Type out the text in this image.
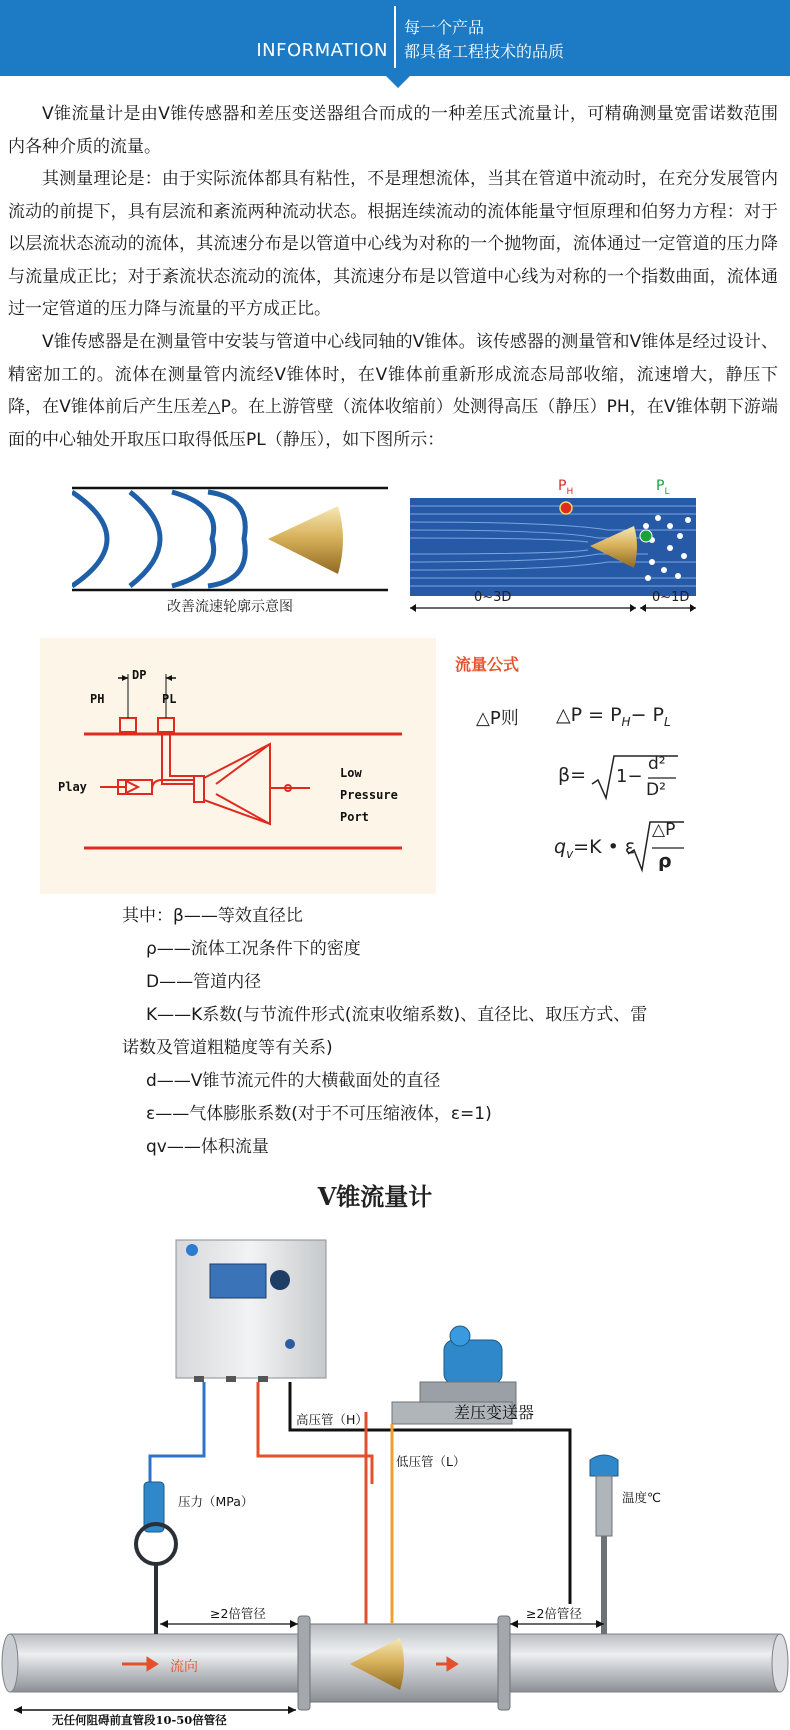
INFORMATION
每一个产品
都具备工程技术的品质

V锥流量计是由V锥传感器和差压变送器组合而成的一种差压式流量计，可精确测量宽雷诺数范围内各种介质的流量。

其测量理论是：由于实际流体都具有粘性，不是理想流体，当其在管道中流动时，在充分发展管内流动的前提下，具有层流和紊流两种流动状态。根据连续流动的流体能量守恒原理和伯努力方程：对于以层流状态流动的流体，其流速分布是以管道中心线为对称的一个抛物面，流体通过一定管道的压力降与流量成正比；对于紊流状态流动的流体，其流速分布是以管道中心线为对称的一个指数曲面，流体通过一定管道的压力降与流量的平方成正比。

V锥传感器是在测量管中安装与管道中心线同轴的V锥体。该传感器的测量管和V锥体是经过设计、精密加工的。流体在测量管内流经V锥体时，在V锥体前重新形成流态局部收缩，流速增大，静压下降，在V锥体前后产生压差△P。在上游管壁（流体收缩前）处测得高压（静压）PH，在V锥体朝下游端面的中心轴处开取压口取得低压PL（静压），如下图所示：

改善流速轮廓示意图
$P_H$	$P_L$
0~3D	0~1D
DP
PH	PL
Play
Low
Pressure
Port
流量公式
△P则 △P = $P_H- P_L$
β= 1−
d²
D²
$q_v=K$ • ε
△P
ρ
其中：β——等效直径比
ρ——流体工况条件下的密度
D——管道内径
K——K系数(与节流件形式(流束收缩系数)、直径比、取压方式、雷
诺数及管道粗糙度等有关系)
d——V锥节流元件的大横截面处的直径
ε——气体膨胀系数(对于不可压缩液体，ε=1)
qv——体积流量
V锥流量计
差压变送器
高压管（H）
低压管（L）
压力（MPa）	温度℃
≥2倍管径	≥2倍管径
流向
无任何阻碍前直管段10-50倍管径
